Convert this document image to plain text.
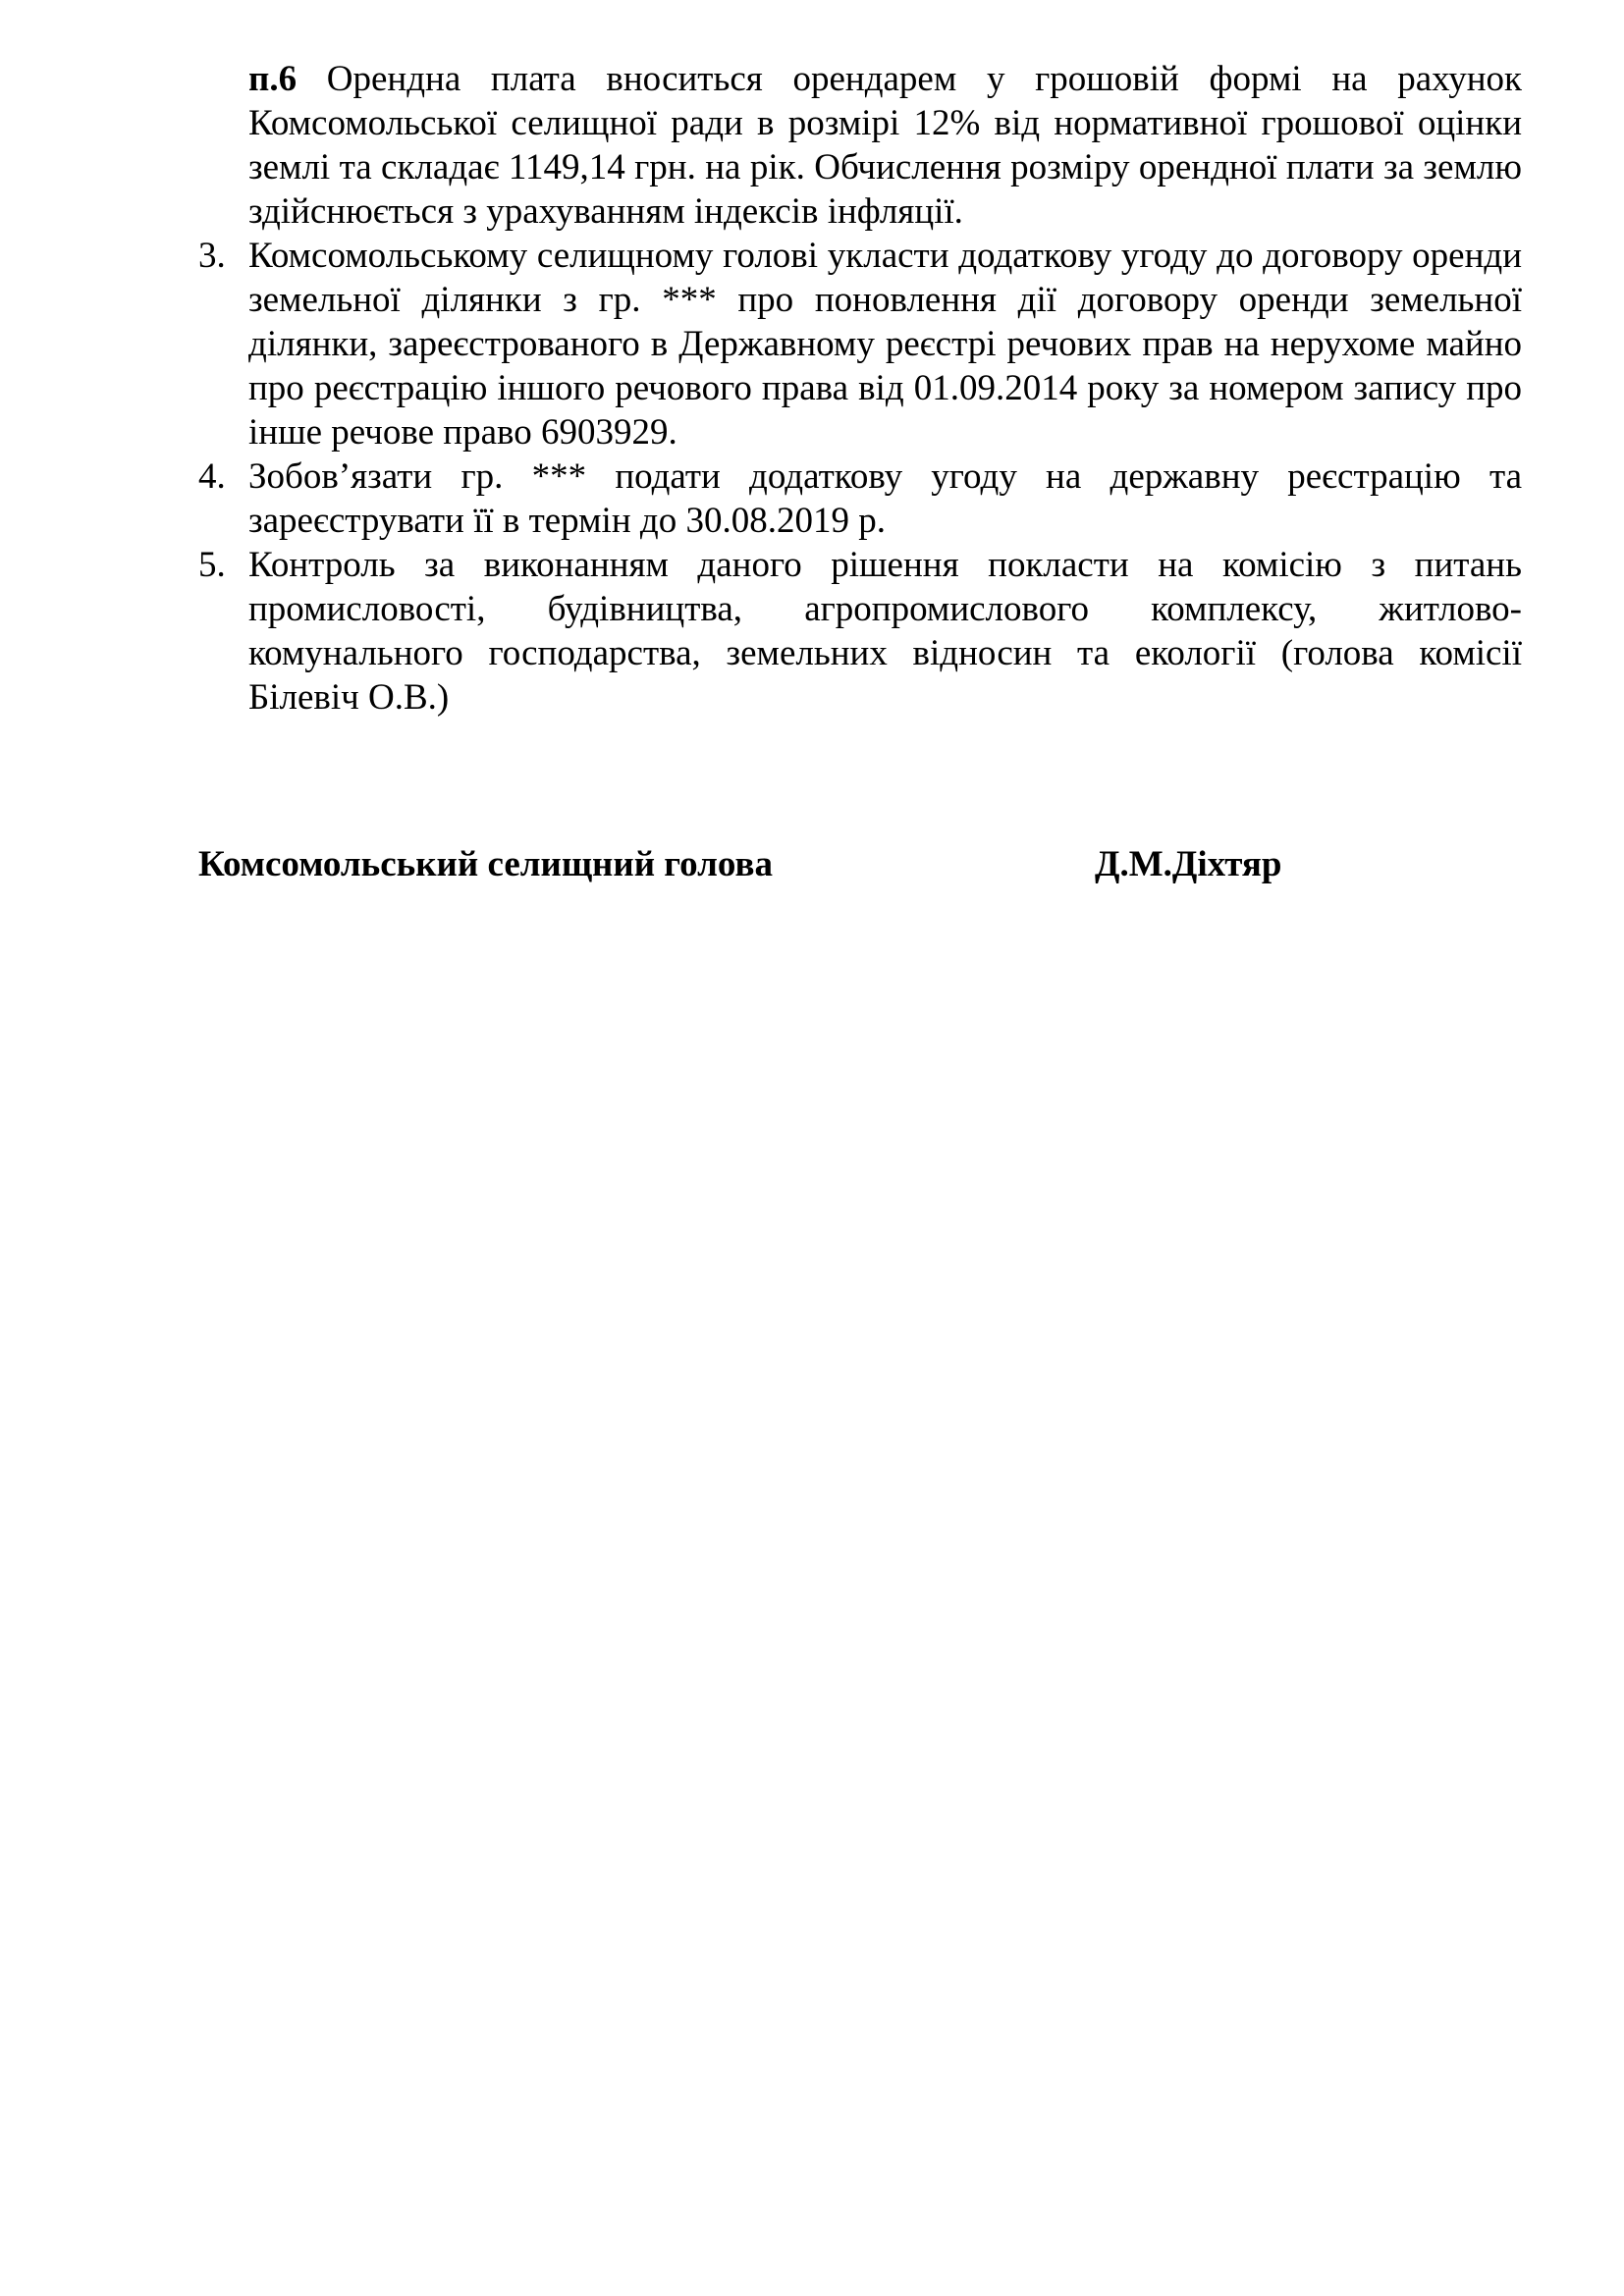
п.6 Орендна плата вноситься орендарем у грошовій формі на рахунок Комсомольської селищної ради в розмірі 12% від нормативної грошової оцінки землі та складає 1149,14 грн. на рік. Обчислення розміру орендної плати за землю здійснюється з урахуванням індексів інфляції.
3. Комсомольському селищному голові укласти додаткову угоду до договору оренди земельної ділянки з гр. *** про поновлення дії договору оренди земельної ділянки, зареєстрованого в Державному реєстрі речових прав на нерухоме майно про реєстрацію іншого речового права від 01.09.2014 року за номером запису про інше речове право 6903929.
4. Зобов’язати гр. *** подати додаткову угоду на державну реєстрацію та зареєструвати її в термін до 30.08.2019 р.
5. Контроль за виконанням даного рішення покласти на комісію з питань промисловості, будівництва, агропромислового комплексу, житлово-комунального господарства, земельних відносин та екології (голова комісії Білевіч О.В.)
Комсомольський селищний голова	Д.М.Діхтяр
